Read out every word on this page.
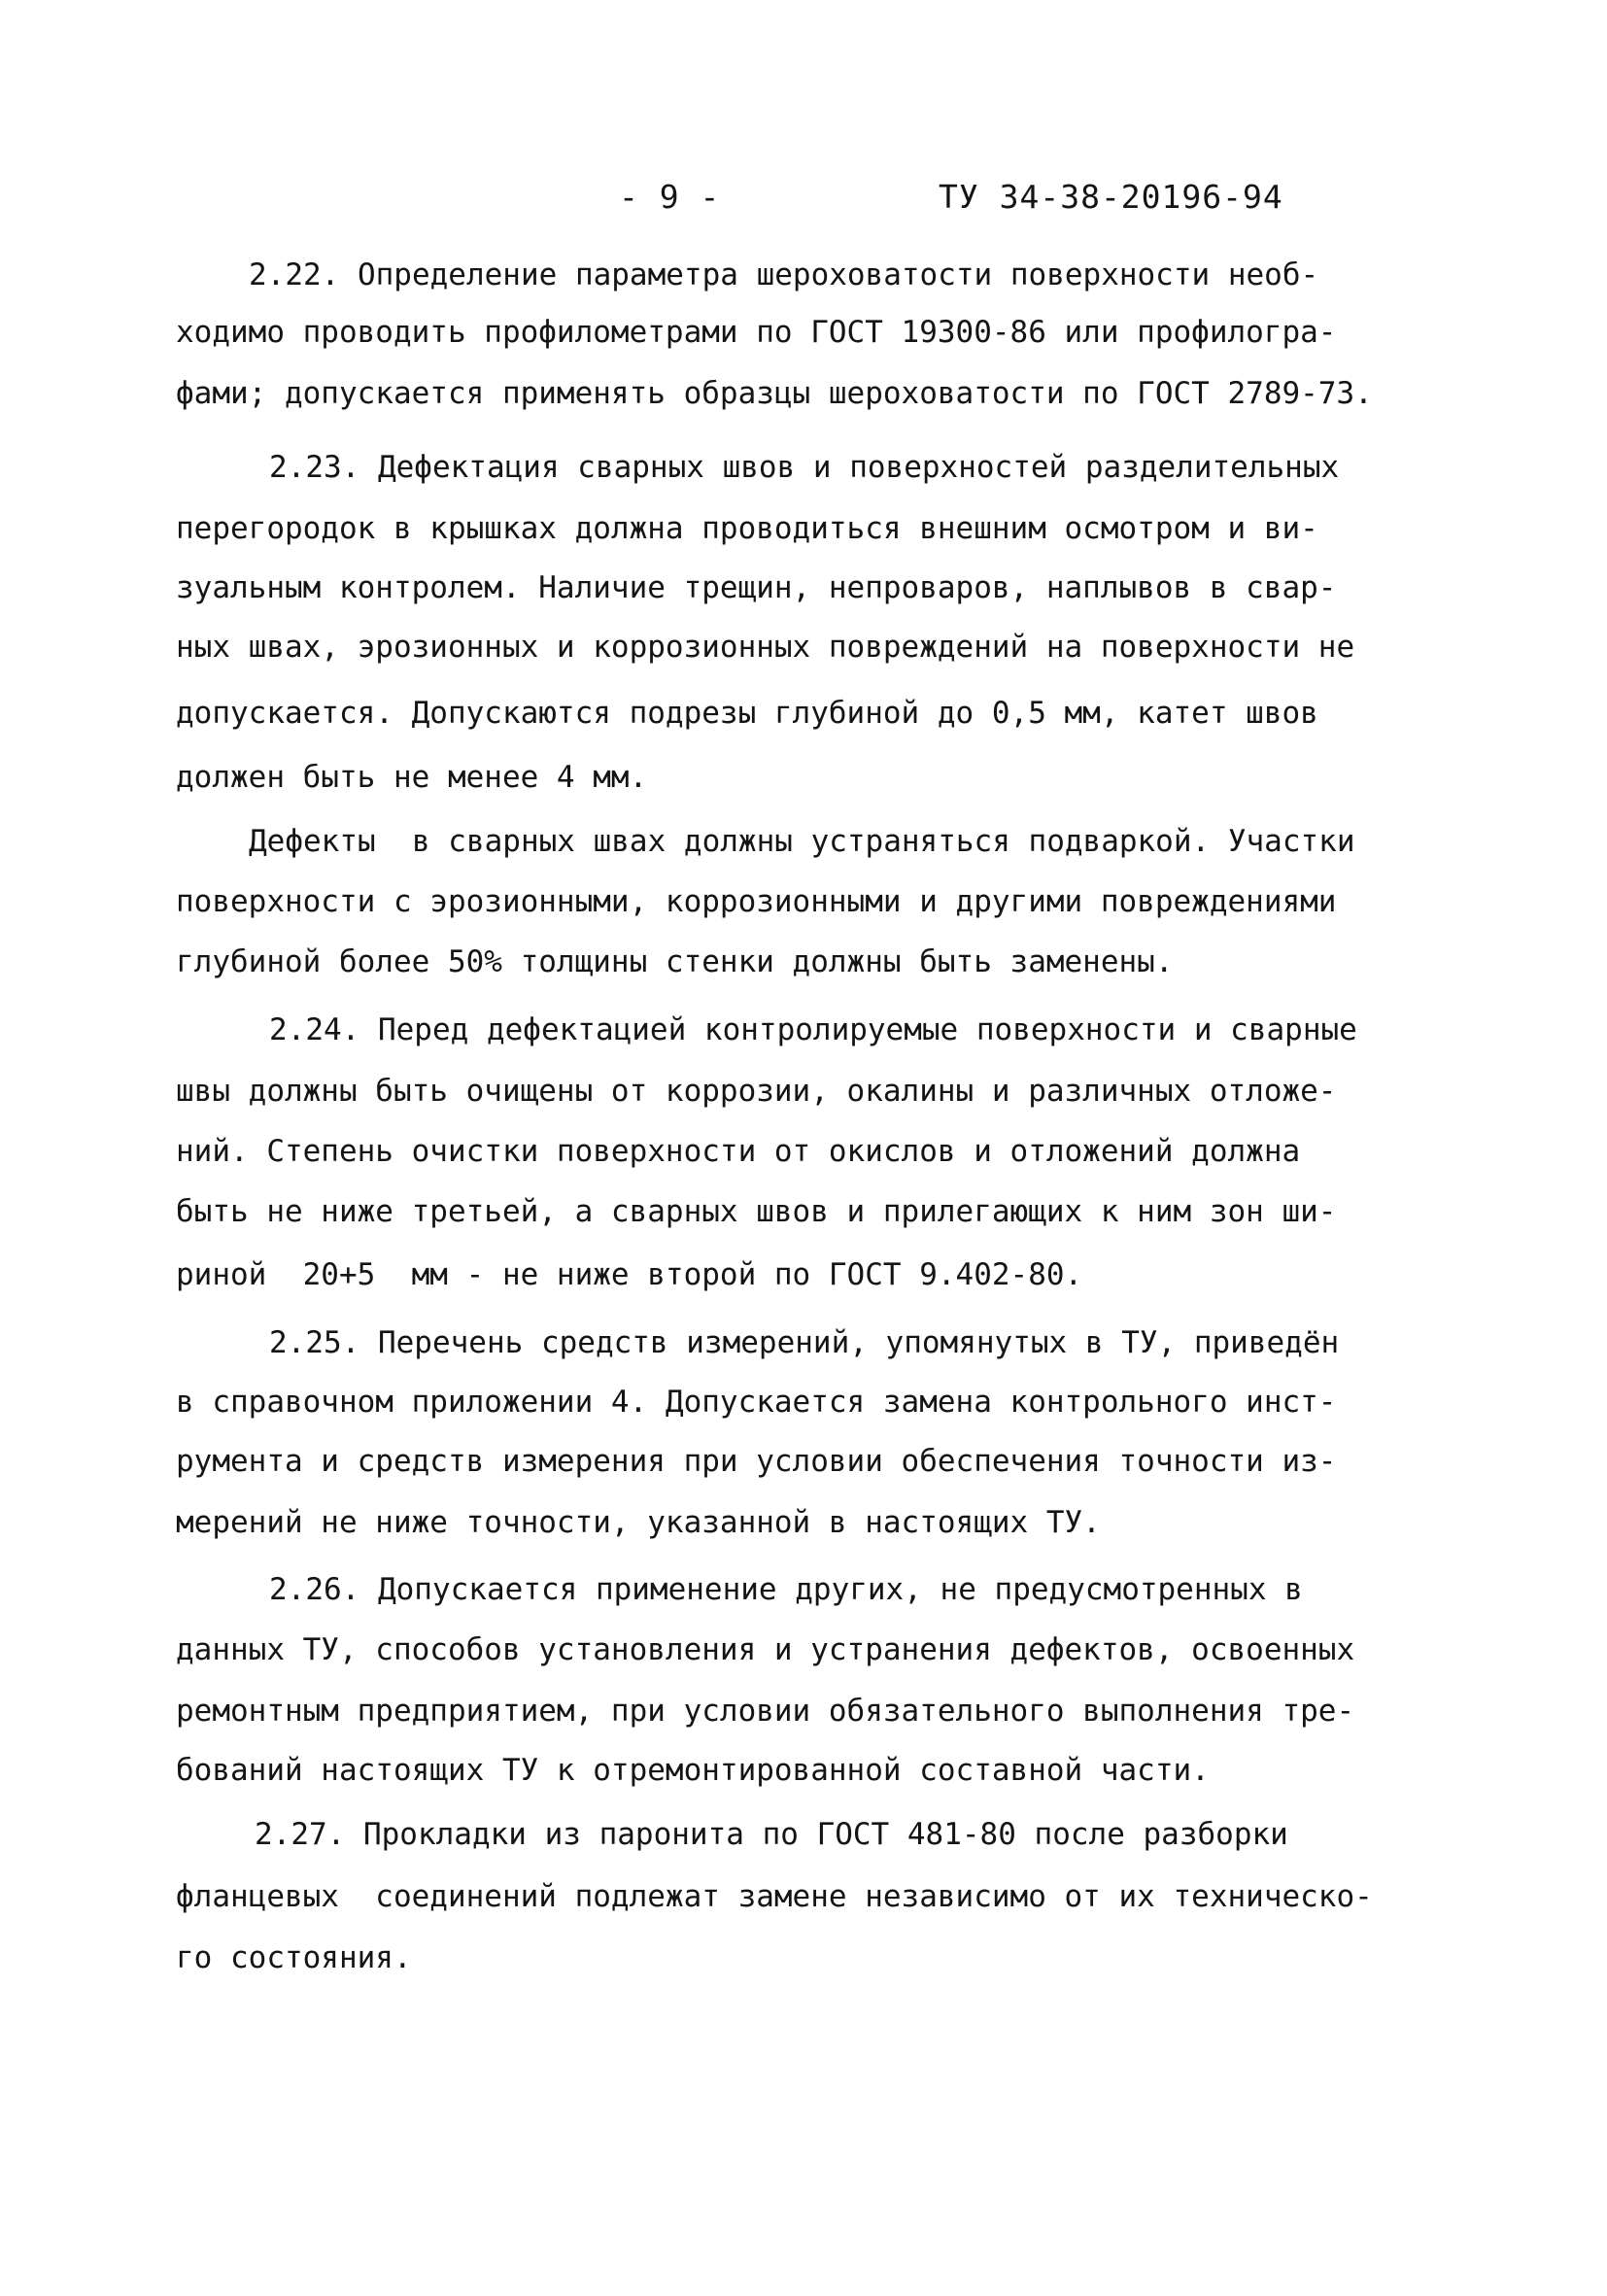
- 9 -	ТУ 34-38-20196-94
2.22. Определение параметра шероховатости поверхности необ-
ходимо проводить профилометрами по ГОСТ 19300-86 или профилогра-
фами; допускается применять образцы шероховатости по ГОСТ 2789-73.
2.23. Дефектация сварных швов и поверхностей разделительных
перегородок в крышках должна проводиться внешним осмотром и ви-
зуальным контролем. Наличие трещин, непроваров, наплывов в свар-
ных швах, эрозионных и коррозионных повреждений на поверхности не
допускается. Допускаются подрезы глубиной до 0,5 мм, катет швов
должен быть не менее 4 мм.
Дефекты  в сварных швах должны устраняться подваркой. Участки
поверхности с эрозионными, коррозионными и другими повреждениями
глубиной более 50% толщины стенки должны быть заменены.
2.24. Перед дефектацией контролируемые поверхности и сварные
швы должны быть очищены от коррозии, окалины и различных отложе-
ний. Степень очистки поверхности от окислов и отложений должна
быть не ниже третьей, а сварных швов и прилегающих к ним зон ши-
риной  20+5  мм - не ниже второй по ГОСТ 9.402-80.
2.25. Перечень средств измерений, упомянутых в ТУ, приведён
в справочном приложении 4. Допускается замена контрольного инст-
румента и средств измерения при условии обеспечения точности из-
мерений не ниже точности, указанной в настоящих ТУ.
2.26. Допускается применение других, не предусмотренных в
данных ТУ, способов установления и устранения дефектов, освоенных
ремонтным предприятием, при условии обязательного выполнения тре-
бований настоящих ТУ к отремонтированной составной части.
2.27. Прокладки из паронита по ГОСТ 481-80 после разборки
фланцевых  соединений подлежат замене независимо от их техническо-
го состояния.
